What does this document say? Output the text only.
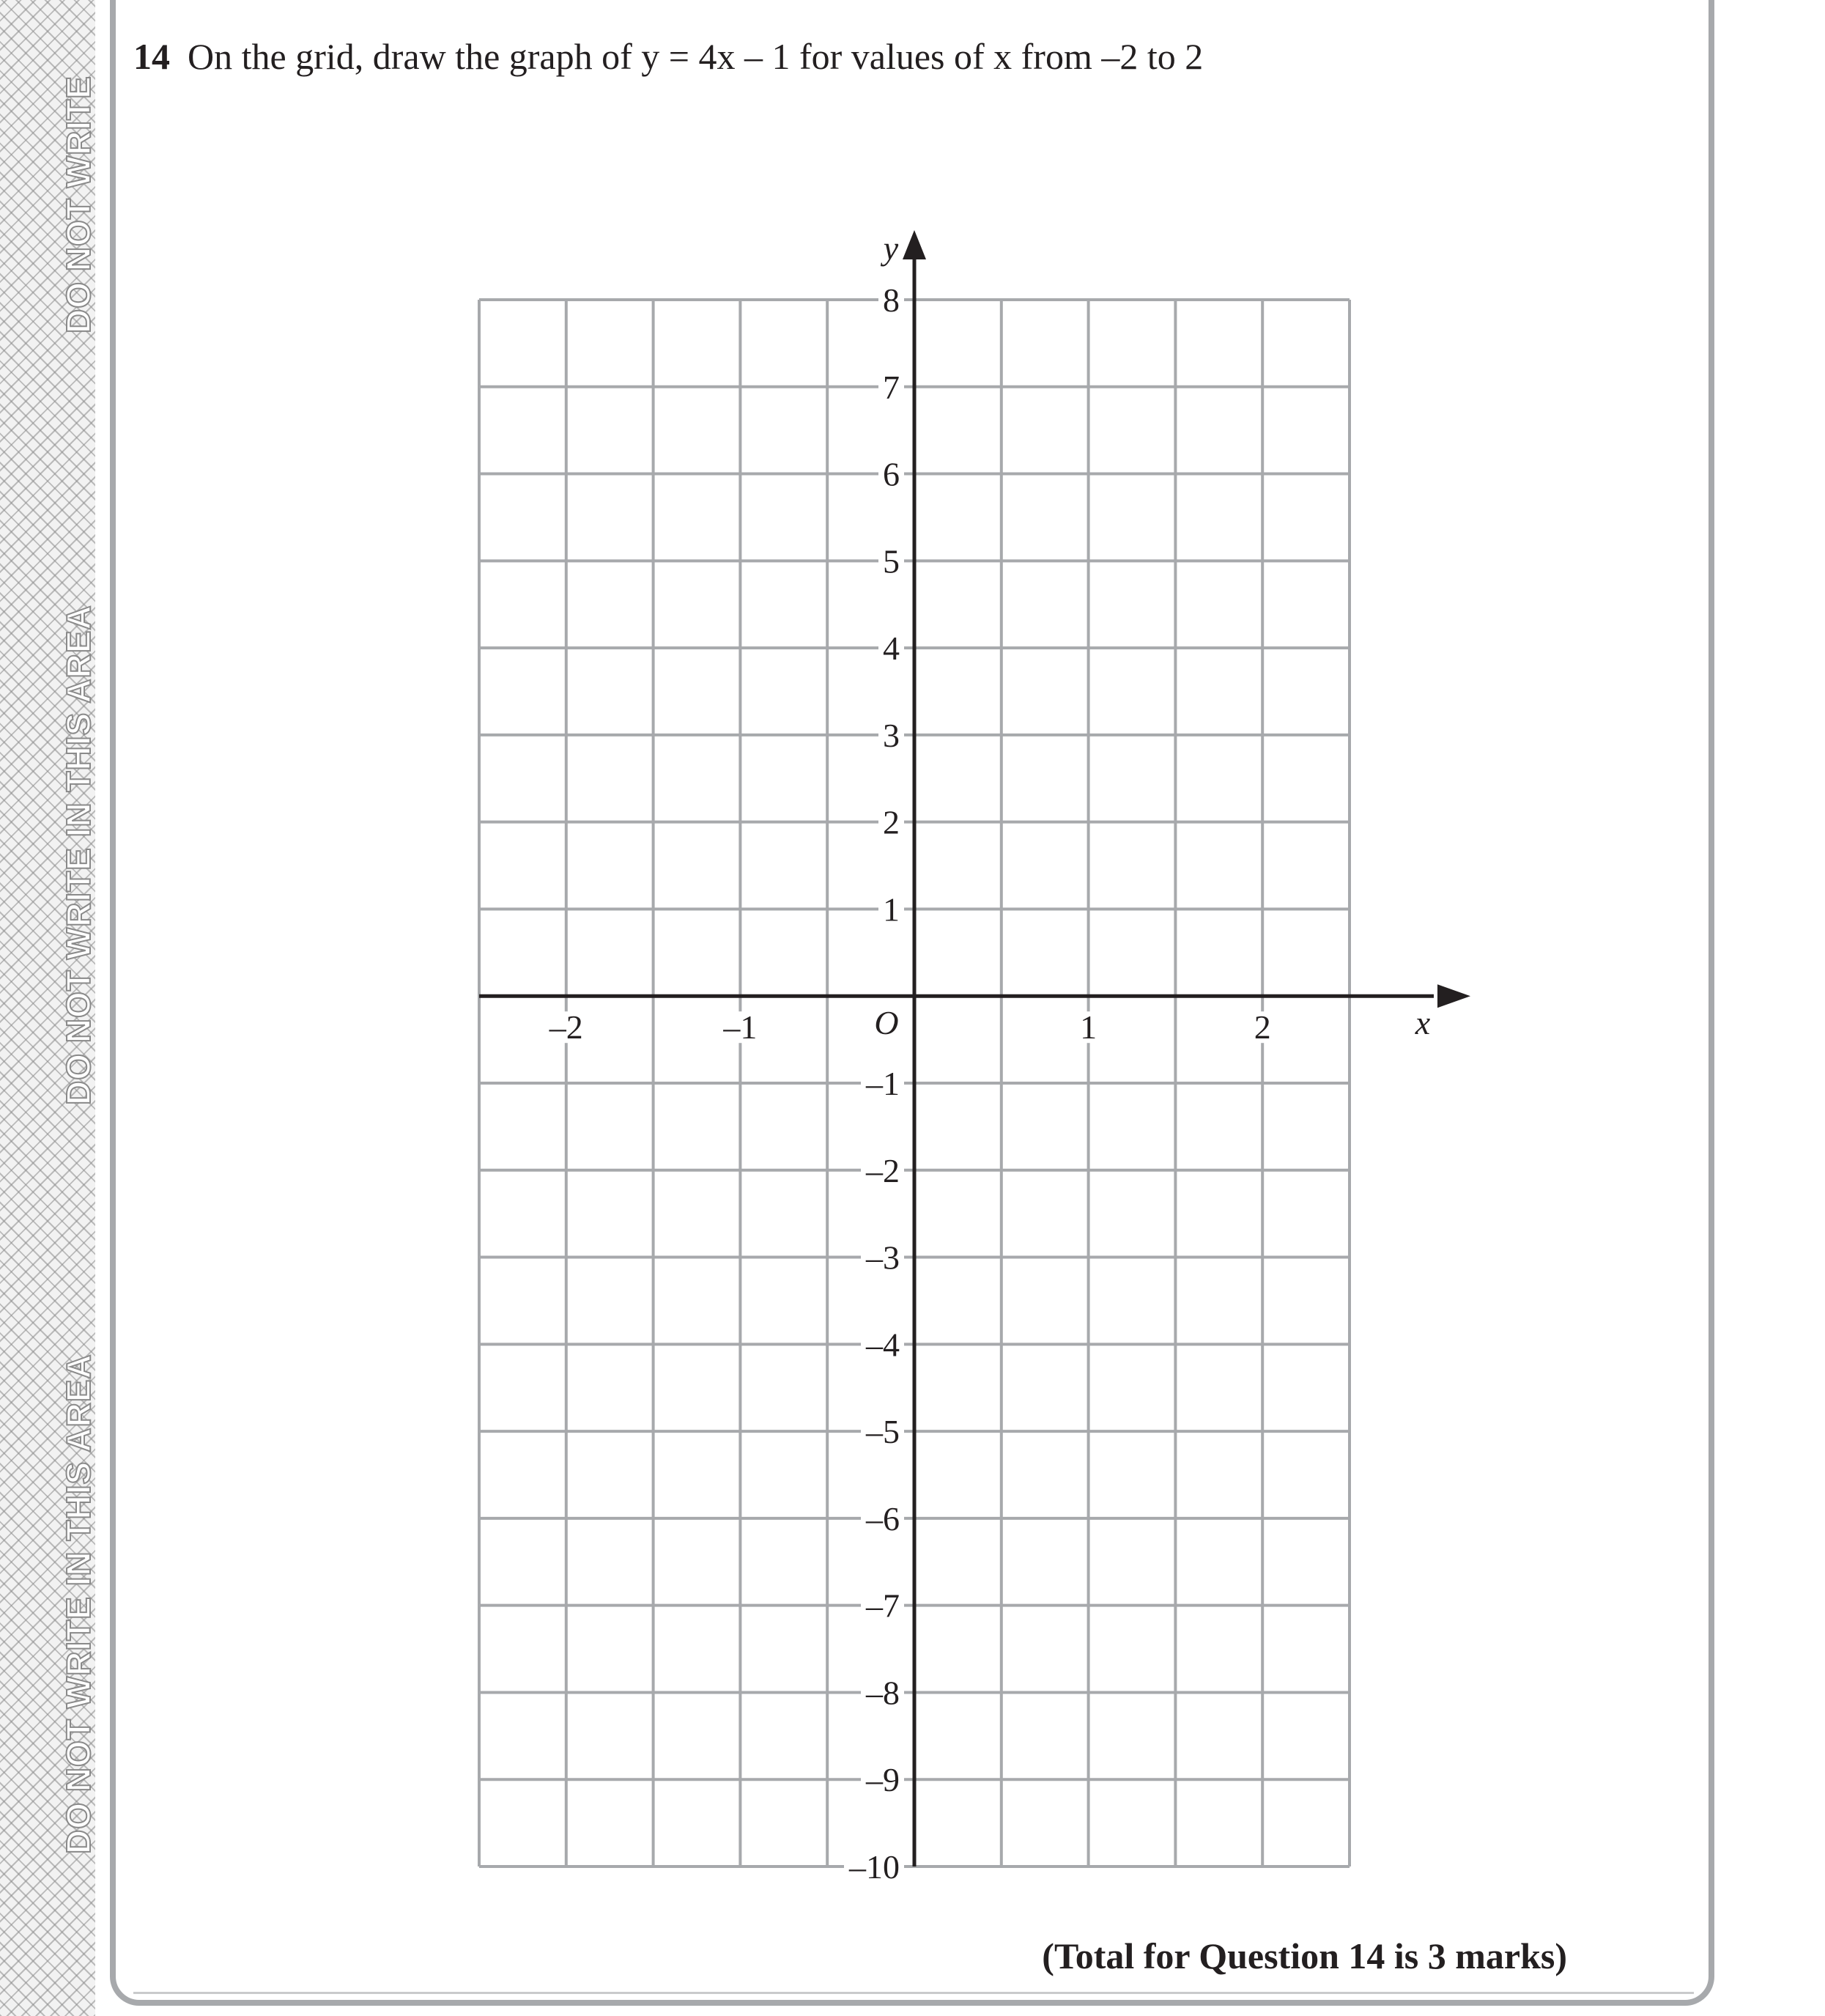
DO NOT WRITE
DO NOT WRITE IN THIS AREA
DO NOT WRITE IN THIS AREA
14 On the grid, draw the graph of y = 4x – 1 for values of x from –2 to 2
8
7
6
5
4
3
2
1
–1
–2
–3
–4
–5
–6
–7
–8
–9
–10
–2	–1	1	2
O	x
y
(Total for Question 14 is 3 marks)
